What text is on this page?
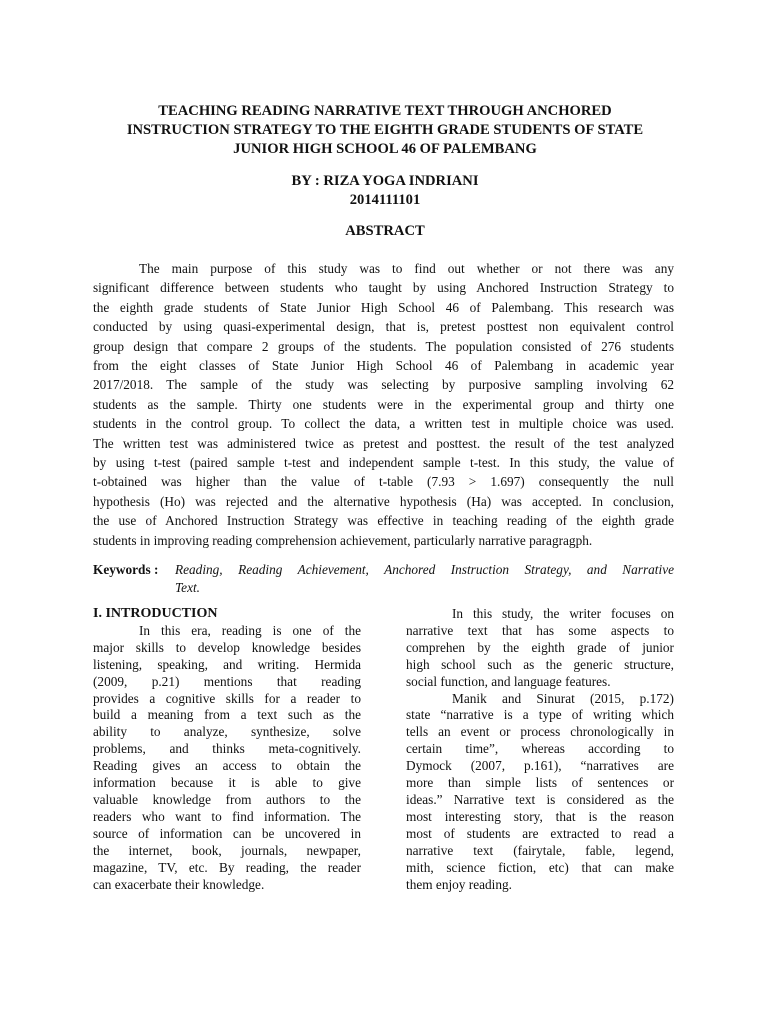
TEACHING READING NARRATIVE TEXT THROUGH ANCHORED
INSTRUCTION STRATEGY TO THE EIGHTH GRADE STUDENTS OF STATE
JUNIOR HIGH SCHOOL 46 OF PALEMBANG
BY : RIZA YOGA INDRIANI
2014111101
ABSTRACT
The main purpose of this study was to find out whether or not there was any
significant difference between students who taught by using Anchored Instruction Strategy to
the eighth grade students of State Junior High School 46 of Palembang. This research was
conducted by using quasi-experimental design, that is, pretest posttest non equivalent control
group design that compare 2 groups of the students. The population consisted of 276 students
from the eight classes of State Junior High School 46 of Palembang in academic year
2017/2018. The sample of the study was selecting by purposive sampling involving 62
students as the sample. Thirty one students were in the experimental group and thirty one
students in the control group. To collect the data, a written test in multiple choice was used.
The written test was administered twice as pretest and posttest. the result of the test analyzed
by using t-test (paired sample t-test and independent sample t-test. In this study, the value of
t-obtained was higher than the value of t-table (7.93 > 1.697) consequently the null
hypothesis (Ho) was rejected and the alternative hypothesis (Ha) was accepted. In conclusion,
the use of Anchored Instruction Strategy was effective in teaching reading of the eighth grade
students in improving reading comprehension achievement, particularly narrative paragragph.
Keywords : Reading, Reading Achievement, Anchored Instruction Strategy, and Narrative
Text.
I. INTRODUCTION
In this era, reading is one of the
major skills to develop knowledge besides
listening, speaking, and writing. Hermida
(2009, p.21) mentions that reading
provides a cognitive skills for a reader to
build a meaning from a text such as the
ability to analyze, synthesize, solve
problems, and thinks meta-cognitively.
Reading gives an access to obtain the
information because it is able to give
valuable knowledge from authors to the
readers who want to find information. The
source of information can be uncovered in
the internet, book, journals, newpaper,
magazine, TV, etc. By reading, the reader
can exacerbate their knowledge.
In this study, the writer focuses on
narrative text that has some aspects to
comprehen by the eighth grade of junior
high school such as the generic structure,
social function, and language features.
Manik and Sinurat (2015, p.172)
state “narrative is a type of writing which
tells an event or process chronologically in
certain time”, whereas according to
Dymock (2007, p.161), “narratives are
more than simple lists of sentences or
ideas.” Narrative text is considered as the
most interesting story, that is the reason
most of students are extracted to read a
narrative text (fairytale, fable, legend,
mith, science fiction, etc) that can make
them enjoy reading.
